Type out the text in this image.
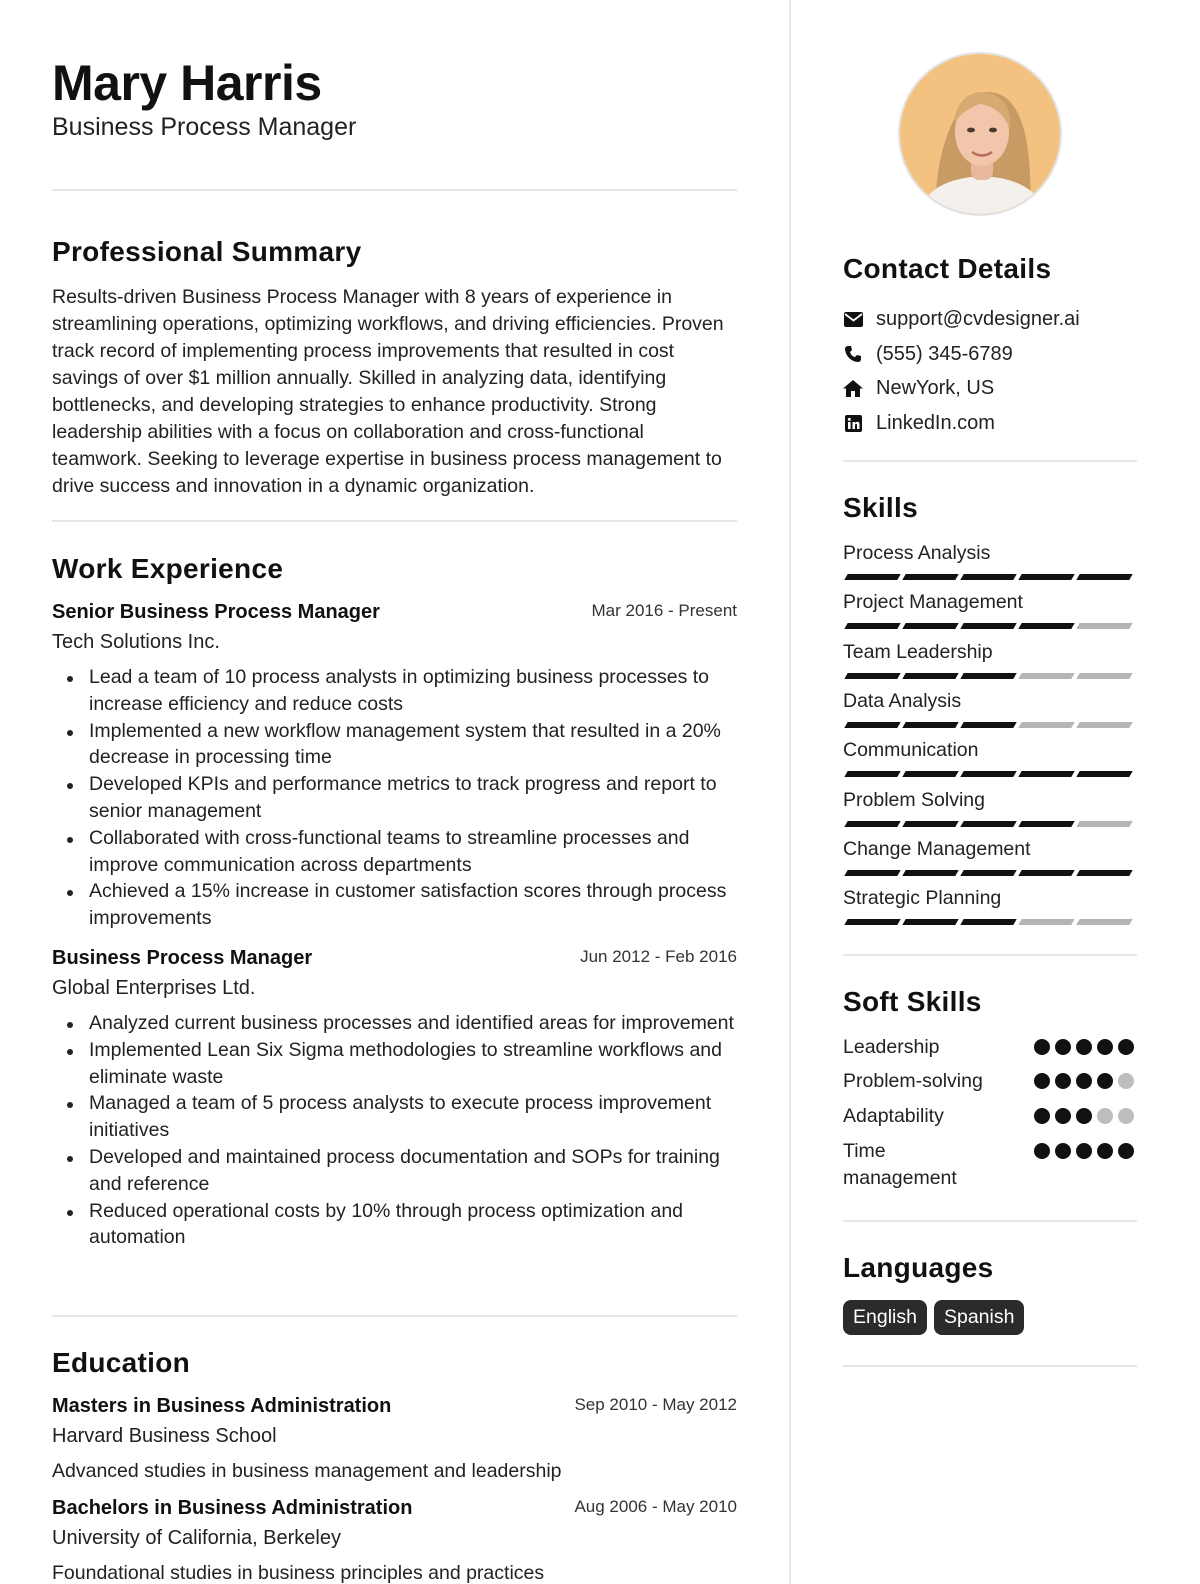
Mary Harris
Business Process Manager
Professional Summary

Results-driven Business Process Manager with 8 years of experience in streamlining operations, optimizing workflows, and driving efficiencies. Proven track record of implementing process improvements that resulted in cost savings of over $1 million annually. Skilled in analyzing data, identifying bottlenecks, and developing strategies to enhance productivity. Strong leadership abilities with a focus on collaboration and cross-functional teamwork. Seeking to leverage expertise in business process management to drive success and innovation in a dynamic organization.

Work Experience
Senior Business Process Manager	Mar 2016 - Present
Tech Solutions Inc.
Lead a team of 10 process analysts in optimizing business processes to increase efficiency and reduce costs
Implemented a new workflow management system that resulted in a 20% decrease in processing time
Developed KPIs and performance metrics to track progress and report to senior management
Collaborated with cross-functional teams to streamline processes and improve communication across departments
Achieved a 15% increase in customer satisfaction scores through process improvements
Business Process Manager	Jun 2012 - Feb 2016
Global Enterprises Ltd.
Analyzed current business processes and identified areas for improvement
Implemented Lean Six Sigma methodologies to streamline workflows and eliminate waste
Managed a team of 5 process analysts to execute process improvement initiatives
Developed and maintained process documentation and SOPs for training and reference
Reduced operational costs by 10% through process optimization and automation
Education
Masters in Business Administration	Sep 2010 - May 2012
Harvard Business School
Advanced studies in business management and leadership
Bachelors in Business Administration	Aug 2006 - May 2010
University of California, Berkeley
Foundational studies in business principles and practices
Contact Details
support@cvdesigner.ai
(555) 345-6789
NewYork, US
LinkedIn.com
Skills
Process Analysis
Project Management
Team Leadership
Data Analysis
Communication
Problem Solving
Change Management
Strategic Planning
Soft Skills
Leadership
Problem-solving
Adaptability
Time management
Languages
English	Spanish
